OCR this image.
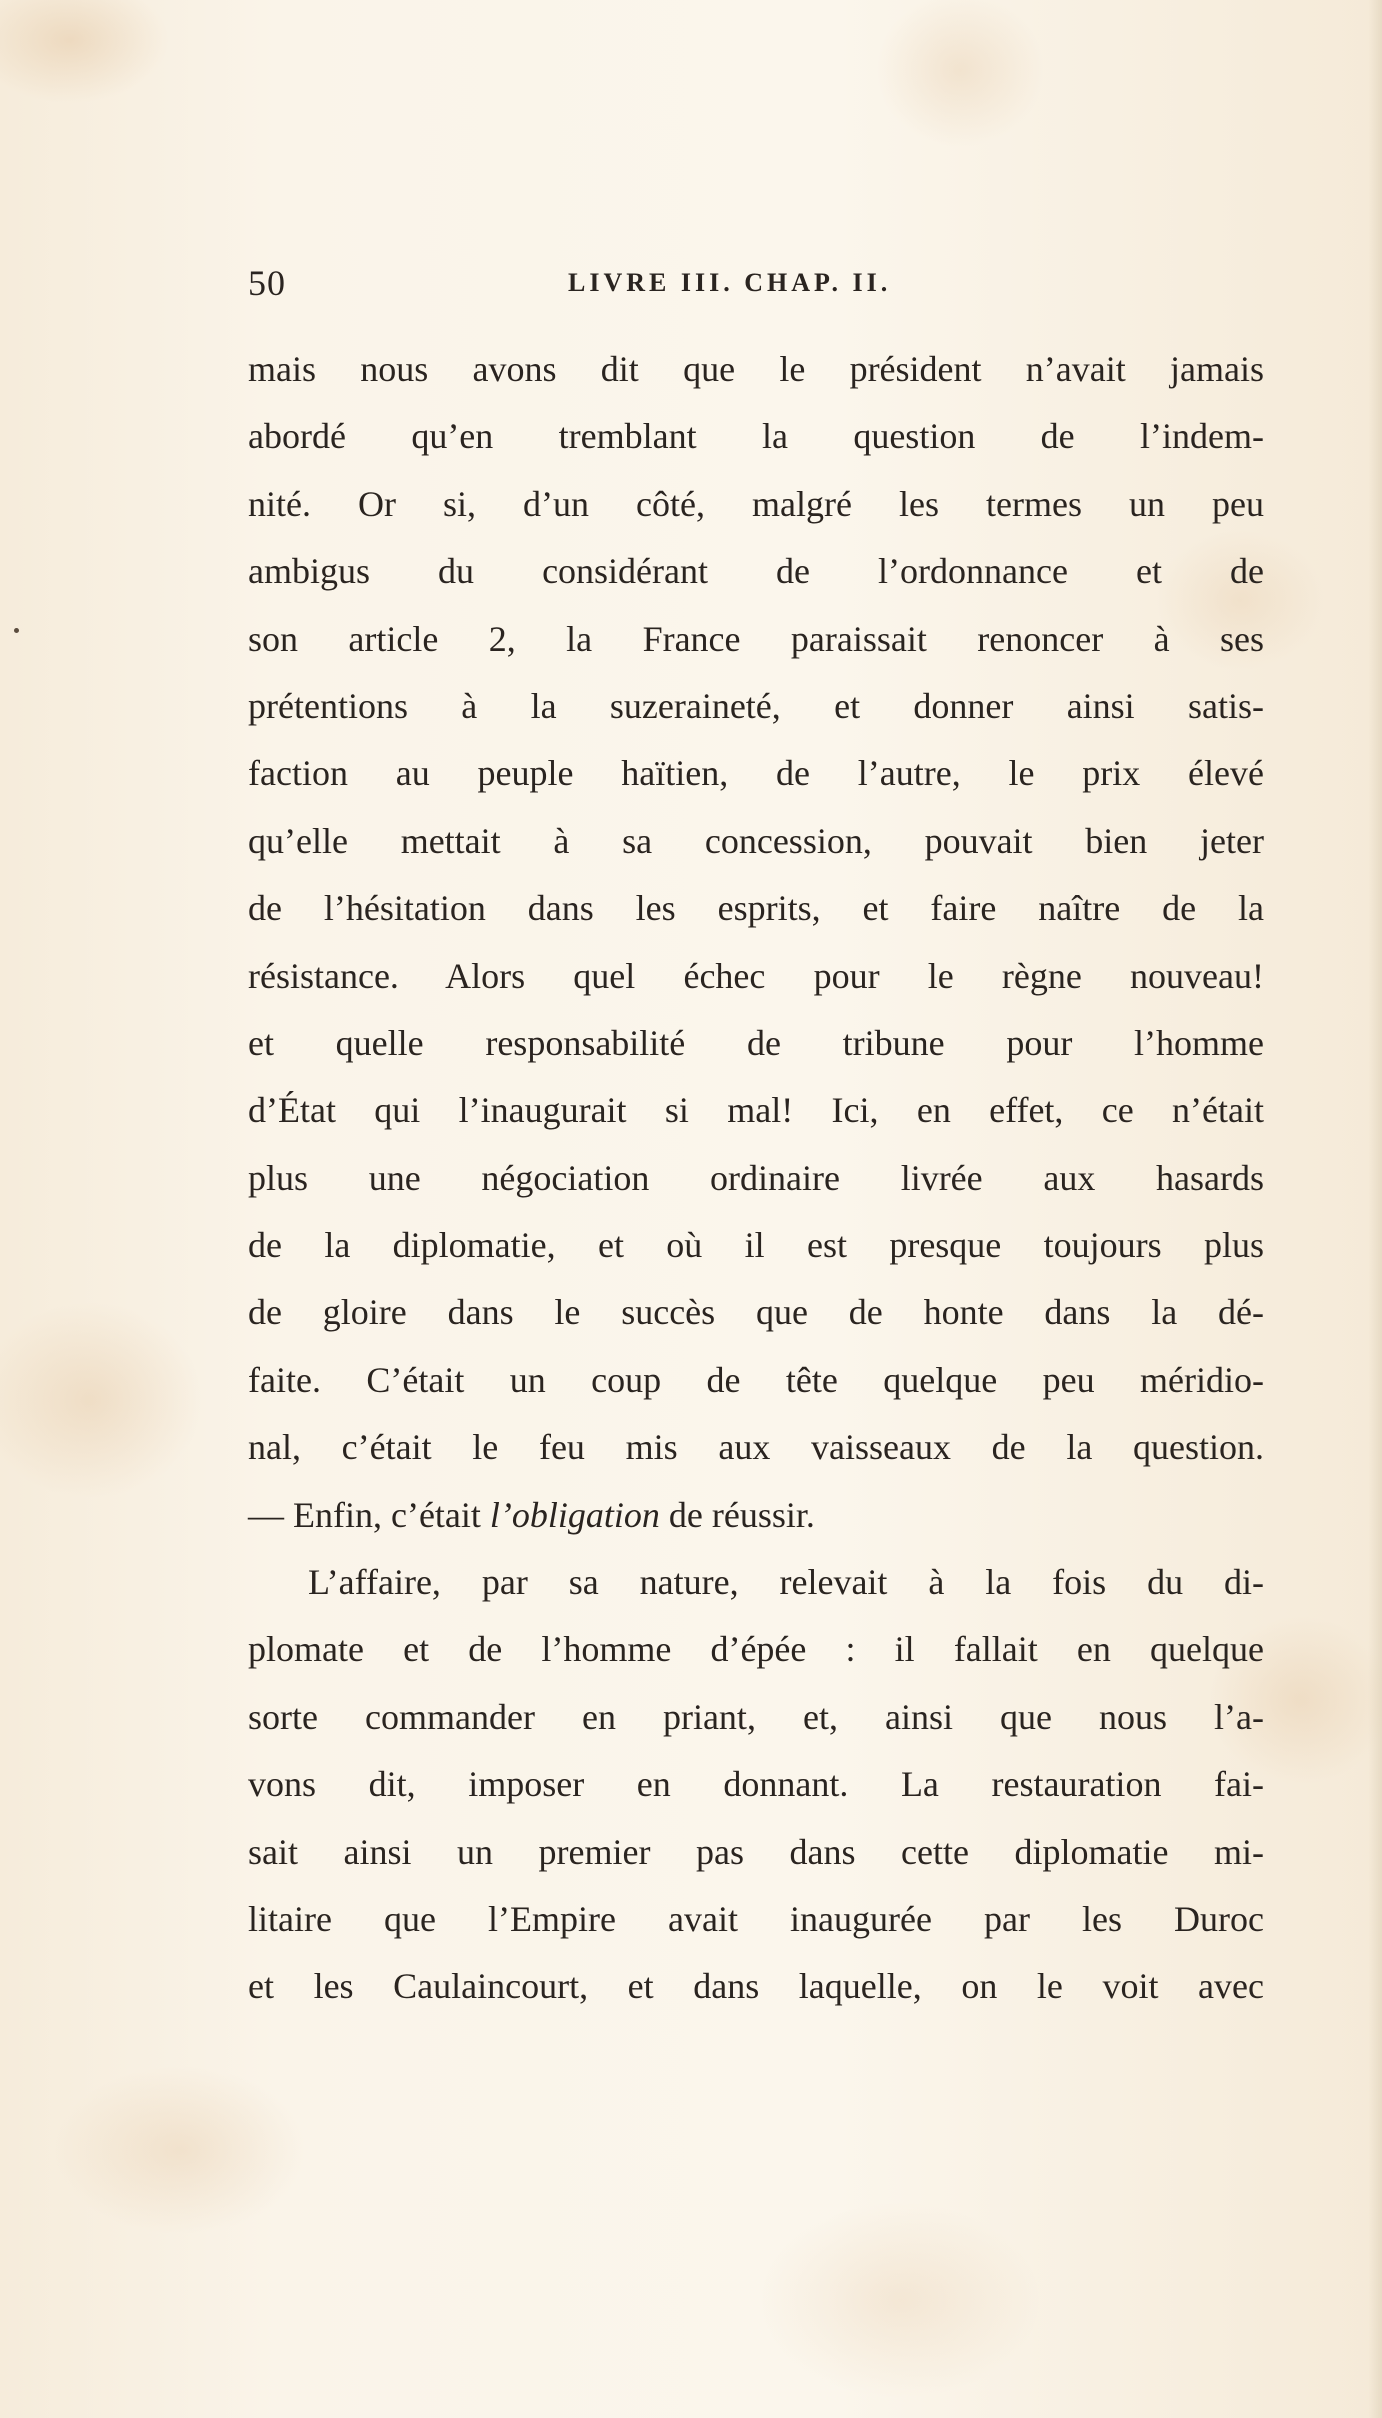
50	LIVRE III. CHAP. II.
mais nous avons dit que le président n’avait jamais
abordé qu’en tremblant la question de l’indem-
nité. Or si, d’un côté, malgré les termes un peu
ambigus du considérant de l’ordonnance et de
son article 2, la France paraissait renoncer à ses
prétentions à la suzeraineté, et donner ainsi satis-
faction au peuple haïtien, de l’autre, le prix élevé
qu’elle mettait à sa concession, pouvait bien jeter
de l’hésitation dans les esprits, et faire naître de la
résistance. Alors quel échec pour le règne nouveau!
et quelle responsabilité de tribune pour l’homme
d’État qui l’inaugurait si mal! Ici, en effet, ce n’était
plus une négociation ordinaire livrée aux hasards
de la diplomatie, et où il est presque toujours plus
de gloire dans le succès que de honte dans la dé-
faite. C’était un coup de tête quelque peu méridio-
nal, c’était le feu mis aux vaisseaux de la question.
— Enfin, c’était l’obligation de réussir.
L’affaire, par sa nature, relevait à la fois du di-
plomate et de l’homme d’épée : il fallait en quelque
sorte commander en priant, et, ainsi que nous l’a-
vons dit, imposer en donnant. La restauration fai-
sait ainsi un premier pas dans cette diplomatie mi-
litaire que l’Empire avait inaugurée par les Duroc
et les Caulaincourt, et dans laquelle, on le voit avec
